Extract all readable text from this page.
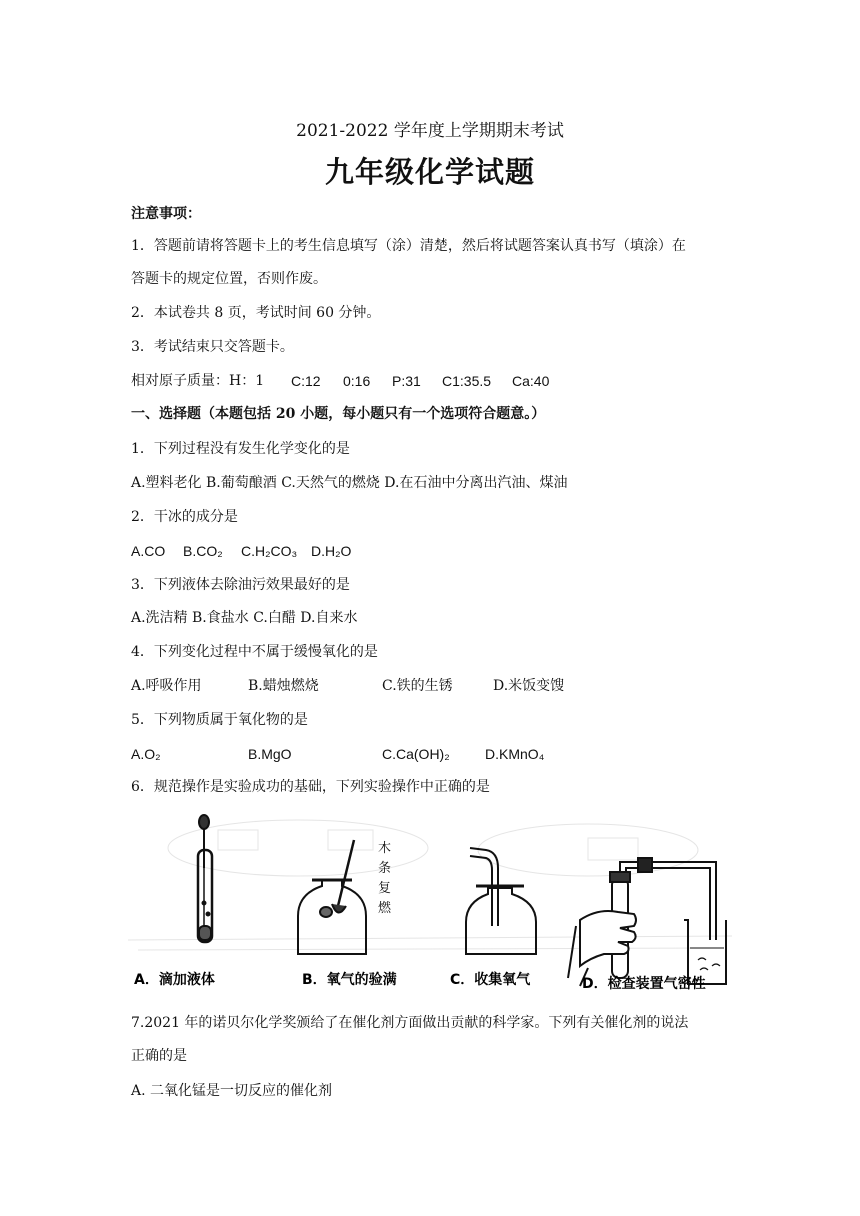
2021-2022 学年度上学期期末考试
九年级化学试题
注意事项：
1．答题前请将答题卡上的考生信息填写（涂）清楚，然后将试题答案认真书写（填涂）在
答题卡的规定位置，否则作废。
2．本试卷共 8 页，考试时间 60 分钟。
3．考试结束只交答题卡。
相对原子质量：H：1 C:12 0:16 P:31 C1:35.5 Ca:40
一、选择题（本题包括 20 小题，每小题只有一个选项符合题意。）
1．下列过程没有发生化学变化的是
A.塑料老化 B.葡萄酿酒 C.天然气的燃烧 D.在石油中分离出汽油、煤油
2．干冰的成分是
A.CO B.CO₂ C.H₂CO₃ D.H₂O
3．下列液体去除油污效果最好的是
A.洗洁精 B.食盐水 C.白醋 D.自来水
4．下列变化过程中不属于缓慢氧化的是
A.呼吸作用	B.蜡烛燃烧	C.铁的生锈	D.米饭变馊
5．下列物质属于氧化物的是
A.O₂	B.MgO	C.Ca(OH)₂	D.KMnO₄
6．规范操作是实验成功的基础，下列实验操作中正确的是
木
条
复
燃
A．滴加液体	B．氧气的验满	C．收集氧气	D．检查装置气密性
7.2021 年的诺贝尔化学奖颁给了在催化剂方面做出贡献的科学家。下列有关催化剂的说法
正确的是
A. 二氧化锰是一切反应的催化剂
